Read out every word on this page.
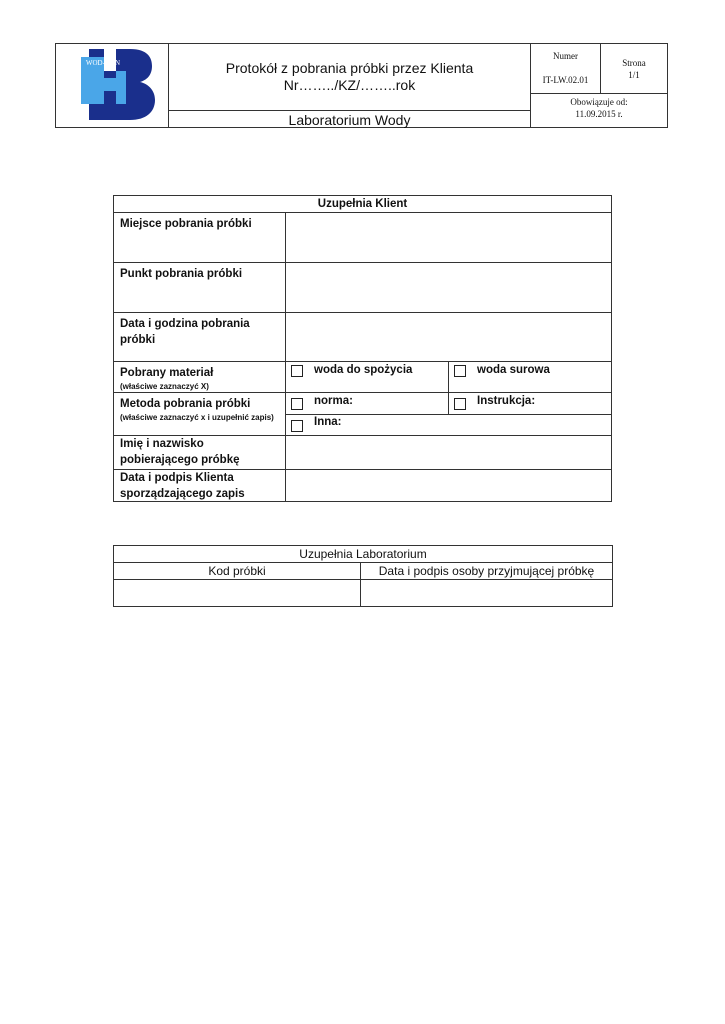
WOD-KAN	Protokół z pobrania próbki przez Klienta
Nr……../KZ/……..rok
Laboratorium Wody
Numer
IT-LW.02.01
Strona
1/1
Obowiązuje od:
11.09.2015 r.
Uzupełnia Klient
Miejsce pobrania próbki
Punkt pobrania próbki
Data i godzina pobrania próbki
Pobrany materiał
(właściwe zaznaczyć X)
woda do spożycia	woda surowa
Metoda pobrania próbki
(właściwe zaznaczyć x i uzupełnić zapis)
norma:	Instrukcja:
Inna:
Imię i nazwisko pobierającego próbkę
Data i podpis Klienta sporządzającego zapis
Uzupełnia Laboratorium
Kod próbki	Data i podpis osoby przyjmującej próbkę
